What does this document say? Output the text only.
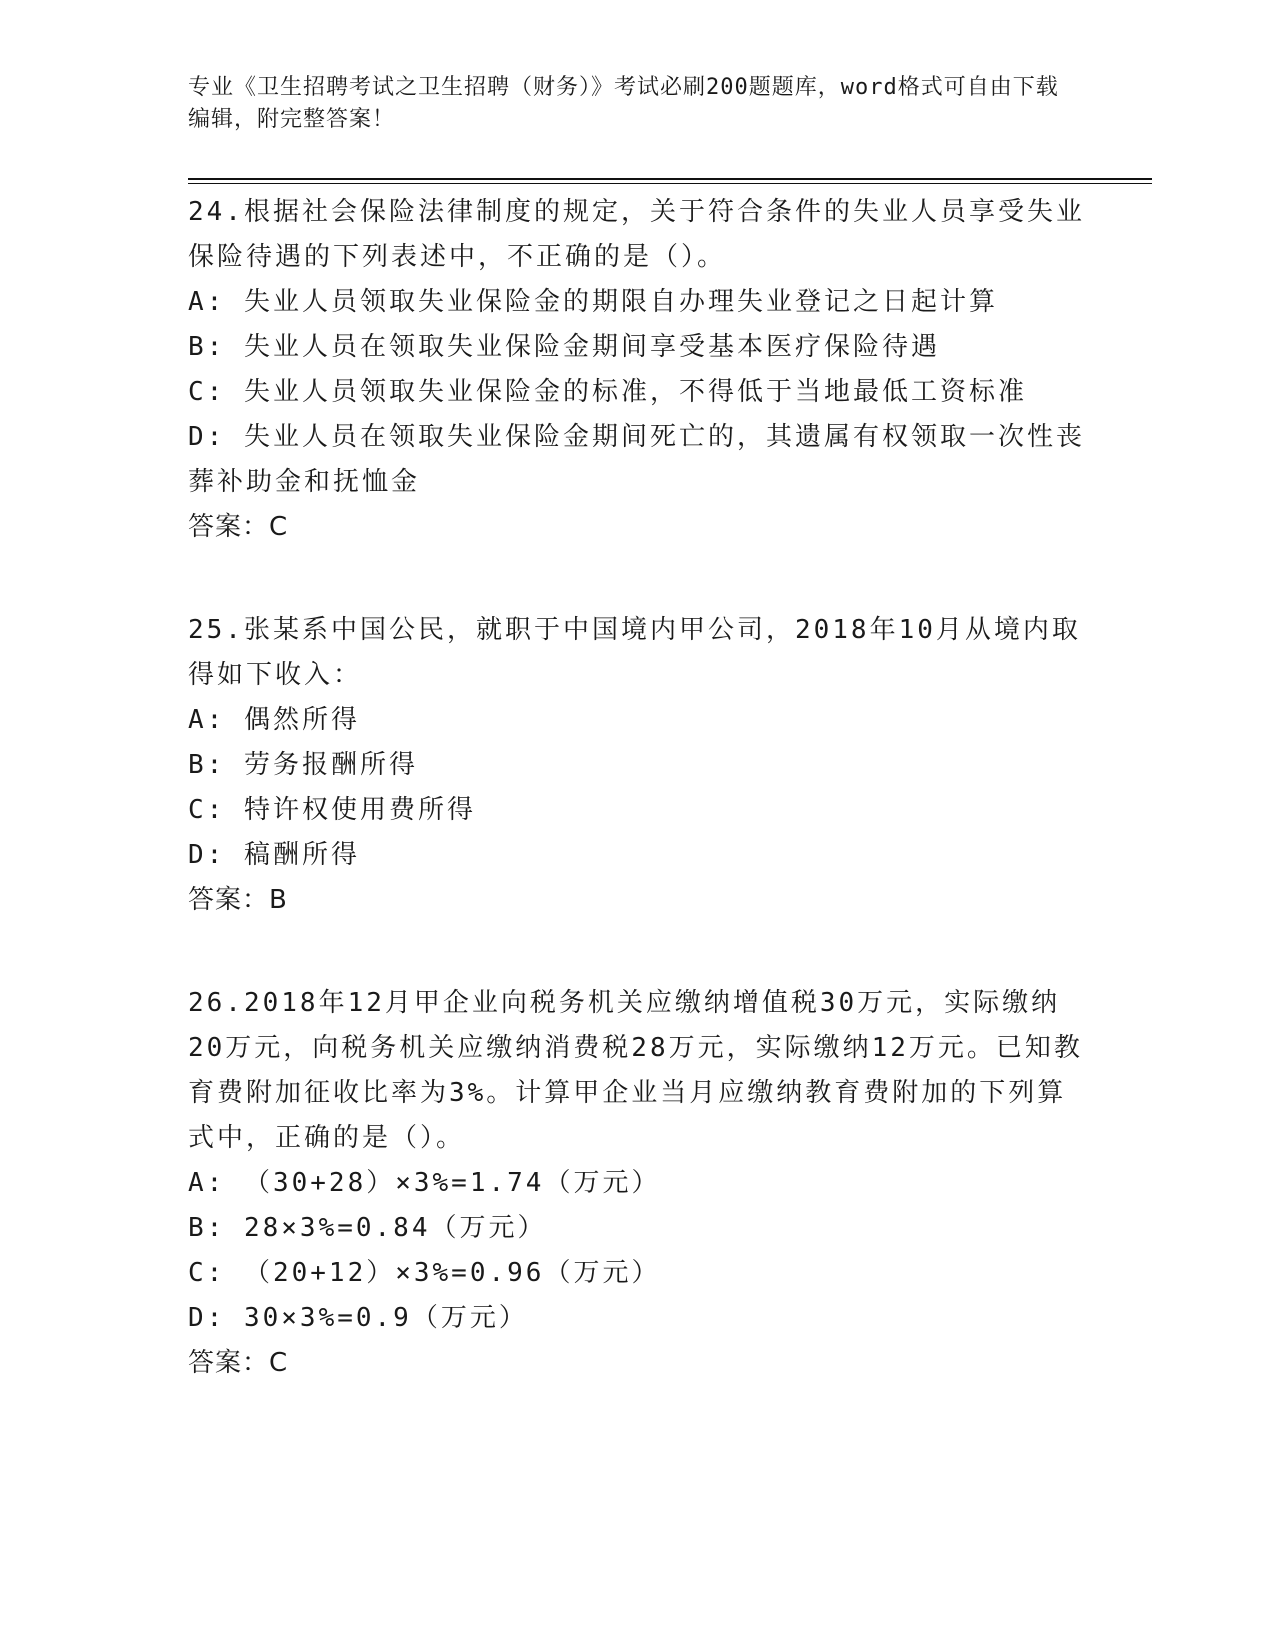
专业《卫生招聘考试之卫生招聘（财务）》考试必刷200题题库，word格式可自由下载编辑，附完整答案！
24.根据社会保险法律制度的规定，关于符合条件的失业人员享受失业保险待遇的下列表述中，不正确的是（）。
A: 失业人员领取失业保险金的期限自办理失业登记之日起计算
B: 失业人员在领取失业保险金期间享受基本医疗保险待遇
C: 失业人员领取失业保险金的标准，不得低于当地最低工资标准
D: 失业人员在领取失业保险金期间死亡的，其遗属有权领取一次性丧葬补助金和抚恤金
答案：C
25.张某系中国公民，就职于中国境内甲公司，2018年10月从境内取得如下收入：
A: 偶然所得
B: 劳务报酬所得
C: 特许权使用费所得
D: 稿酬所得
答案：B
26.2018年12月甲企业向税务机关应缴纳增值税30万元，实际缴纳20万元，向税务机关应缴纳消费税28万元，实际缴纳12万元。已知教育费附加征收比率为3%。计算甲企业当月应缴纳教育费附加的下列算式中，正确的是（）。
A: （30+28）×3%=1.74（万元）
B: 28×3%=0.84（万元）
C: （20+12）×3%=0.96（万元）
D: 30×3%=0.9（万元）
答案：C
